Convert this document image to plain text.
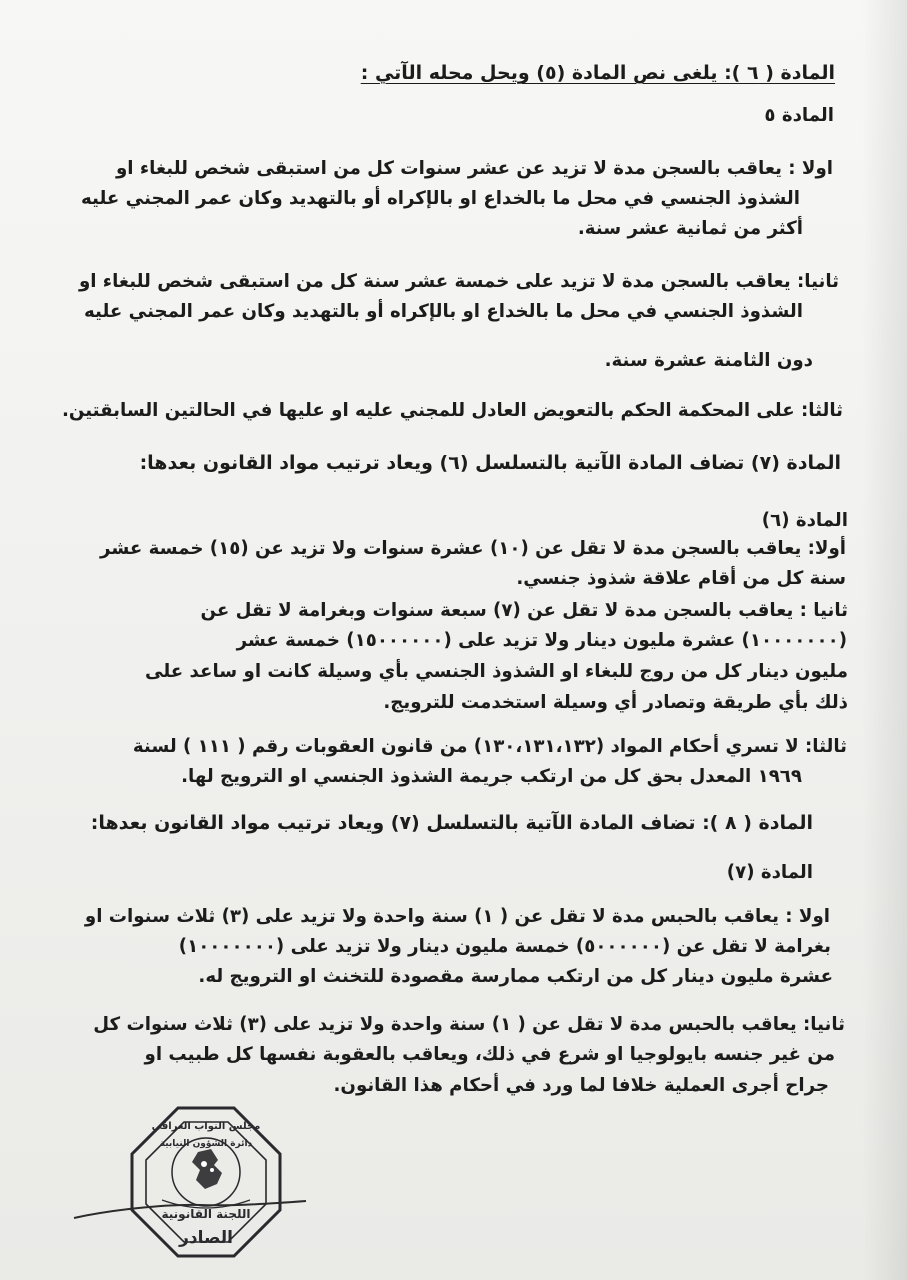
المادة ( ٦ ): يلغى نص المادة (٥) ويحل محله الآتي :
المادة ٥
اولا : يعاقب بالسجن مدة لا تزيد عن عشر سنوات كل من استبقى شخص للبغاء او
الشذوذ الجنسي في محل ما بالخداع او بالإكراه أو بالتهديد وكان عمر المجني عليه
أكثر من ثمانية عشر سنة.
ثانيا: يعاقب بالسجن مدة لا تزيد على خمسة عشر سنة كل من استبقى شخص للبغاء او
الشذوذ الجنسي في محل ما بالخداع او بالإكراه أو بالتهديد وكان عمر المجني عليه
دون الثامنة عشرة سنة.
ثالثا: على المحكمة الحكم بالتعويض العادل للمجني عليه او عليها في الحالتين السابقتين.
المادة (٧) تضاف المادة الآتية بالتسلسل (٦) ويعاد ترتيب مواد القانون بعدها:
المادة (٦)
أولا: يعاقب بالسجن مدة لا تقل عن (١٠) عشرة سنوات ولا تزيد عن (١٥) خمسة عشر
سنة كل من أقام علاقة شذوذ جنسي.
ثانيا : يعاقب بالسجن مدة لا تقل عن (٧) سبعة سنوات وبغرامة لا تقل عن
(١٠٠٠٠٠٠٠) عشرة مليون دينار ولا تزيد على (١٥٠٠٠٠٠٠) خمسة عشر
مليون دينار كل من روج للبغاء او الشذوذ الجنسي بأي وسيلة كانت او ساعد على
ذلك بأي طريقة وتصادر أي وسيلة استخدمت للترويج.
ثالثا: لا تسري أحكام المواد (١٣٠،١٣١،١٣٢) من قانون العقوبات رقم ( ١١١ ) لسنة
١٩٦٩ المعدل بحق كل من ارتكب جريمة الشذوذ الجنسي او الترويج لها.
المادة ( ٨ ): تضاف المادة الآتية بالتسلسل (٧) ويعاد ترتيب مواد القانون بعدها:
المادة (٧)
اولا : يعاقب بالحبس مدة لا تقل عن ( ١) سنة واحدة ولا تزيد على (٣) ثلاث سنوات او
بغرامة لا تقل عن (٥٠٠٠٠٠٠) خمسة مليون دينار ولا تزيد على (١٠٠٠٠٠٠٠)
عشرة مليون دينار كل من ارتكب ممارسة مقصودة للتخنث او الترويج له.
ثانيا: يعاقب بالحبس مدة لا تقل عن ( ١) سنة واحدة ولا تزيد على (٣) ثلاث سنوات كل
من غير جنسه بايولوجيا او شرع في ذلك، ويعاقب بالعقوبة نفسها كل طبيب او
جراح أجرى العملية خلافا لما ورد في أحكام هذا القانون.
مجلس النواب العراقي
دائرة الشؤون النيابية
اللجنة القانونية
الصادر
